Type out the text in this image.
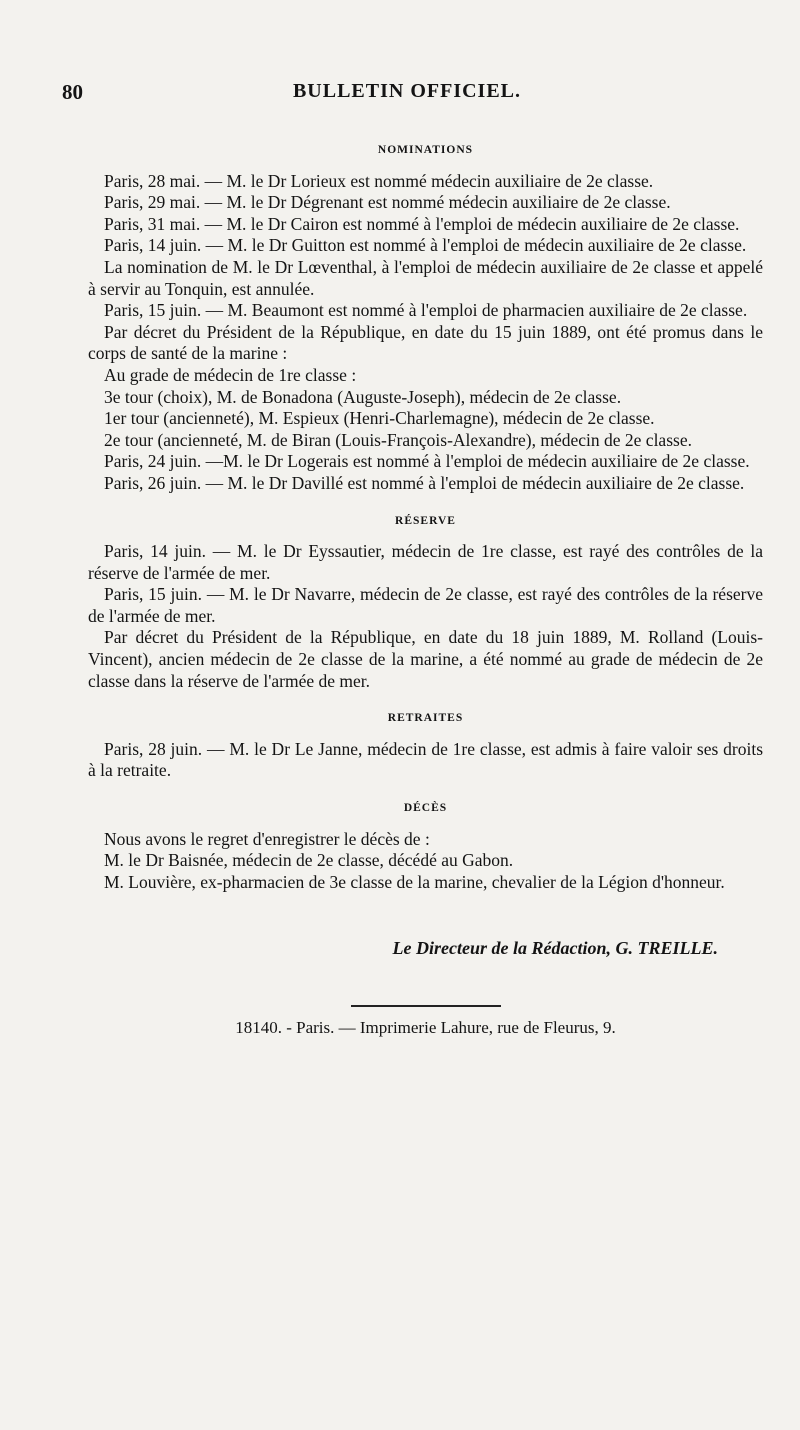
80	BULLETIN OFFICIEL.
NOMINATIONS

Paris, 28 mai. — M. le Dr Lorieux est nommé médecin auxiliaire de 2e classe.

Paris, 29 mai. — M. le Dr Dégrenant est nommé médecin auxiliaire de 2e classe.

Paris, 31 mai. — M. le Dr Cairon est nommé à l'emploi de médecin auxiliaire de 2e classe.

Paris, 14 juin. — M. le Dr Guitton est nommé à l'emploi de médecin auxiliaire de 2e classe.

La nomination de M. le Dr Lœventhal, à l'emploi de médecin auxiliaire de 2e classe et appelé à servir au Tonquin, est annulée.

Paris, 15 juin. — M. Beaumont est nommé à l'emploi de pharmacien auxiliaire de 2e classe.

Par décret du Président de la République, en date du 15 juin 1889, ont été promus dans le corps de santé de la marine :

Au grade de médecin de 1re classe :

3e tour (choix), M. de Bonadona (Auguste-Joseph), médecin de 2e classe.

1er tour (ancienneté), M. Espieux (Henri-Charlemagne), médecin de 2e classe.

2e tour (ancienneté, M. de Biran (Louis-François-Alexandre), médecin de 2e classe.

Paris, 24 juin. —M. le Dr Logerais est nommé à l'emploi de médecin auxiliaire de 2e classe.

Paris, 26 juin. — M. le Dr Davillé est nommé à l'emploi de médecin auxiliaire de 2e classe.

RÉSERVE

Paris, 14 juin. — M. le Dr Eyssautier, médecin de 1re classe, est rayé des contrôles de la réserve de l'armée de mer.

Paris, 15 juin. — M. le Dr Navarre, médecin de 2e classe, est rayé des contrôles de la réserve de l'armée de mer.

Par décret du Président de la République, en date du 18 juin 1889, M. Rolland (Louis-Vincent), ancien médecin de 2e classe de la marine, a été nommé au grade de médecin de 2e classe dans la réserve de l'armée de mer.

RETRAITES

Paris, 28 juin. — M. le Dr Le Janne, médecin de 1re classe, est admis à faire valoir ses droits à la retraite.

DÉCÈS

Nous avons le regret d'enregistrer le décès de :

M. le Dr Baisnée, médecin de 2e classe, décédé au Gabon.

M. Louvière, ex-pharmacien de 3e classe de la marine, chevalier de la Légion d'honneur.

Le Directeur de la Rédaction, G. TREILLE.
18140. - Paris. — Imprimerie Lahure, rue de Fleurus, 9.
